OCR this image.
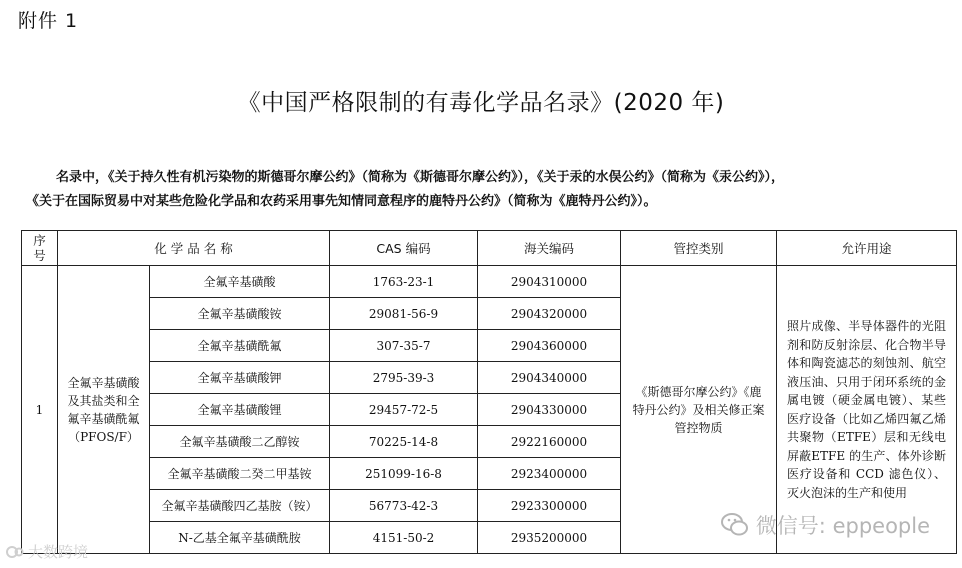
附件 1
《中国严格限制的有毒化学品名录》(2020 年)
名录中，《关于持久性有机污染物的斯德哥尔摩公约》（简称为《斯德哥尔摩公约》），《关于汞的水俣公约》（简称为《汞公约》），
《关于在国际贸易中对某些危险化学品和农药采用事先知情同意程序的鹿特丹公约》（简称为《鹿特丹公约》）。
序
号	化 学 品 名 称		CAS 编码	海关编码	管控类别	允许用途
1	全氟辛基磺酸及其盐类和全氟辛基磺酰氟（PFOS/F）	全氟辛基磺酸	1763-23-1	2904310000	《斯德哥尔摩公约》《鹿特丹公约》及相关修正案管控物质	照片成像、半导体器件的光阻剂和防反射涂层、化合物半导体和陶瓷滤芯的刻蚀剂、航空液压油、只用于闭环系统的金属电镀（硬金属电镀）、某些医疗设备（比如乙烯四氟乙烯共聚物（ETFE）层和无线电屏蔽ETFE 的生产、体外诊断医疗设备和 CCD 滤色仪）、灭火泡沫的生产和使用
		全氟辛基磺酸铵	29081-56-9	2904320000		
		全氟辛基磺酰氟	307-35-7	2904360000		
		全氟辛基磺酸钾	2795-39-3	2904340000		
		全氟辛基磺酸锂	29457-72-5	2904330000		
		全氟辛基磺酸二乙醇铵	70225-14-8	2922160000		
		全氟辛基磺酸二癸二甲基铵	251099-16-8	2923400000		
		全氟辛基磺酸四乙基胺（铵）	56773-42-3	2923300000		
		N-乙基全氟辛基磺酰胺	4151-50-2	2935200000			微信号: eppeople
大数跨境
